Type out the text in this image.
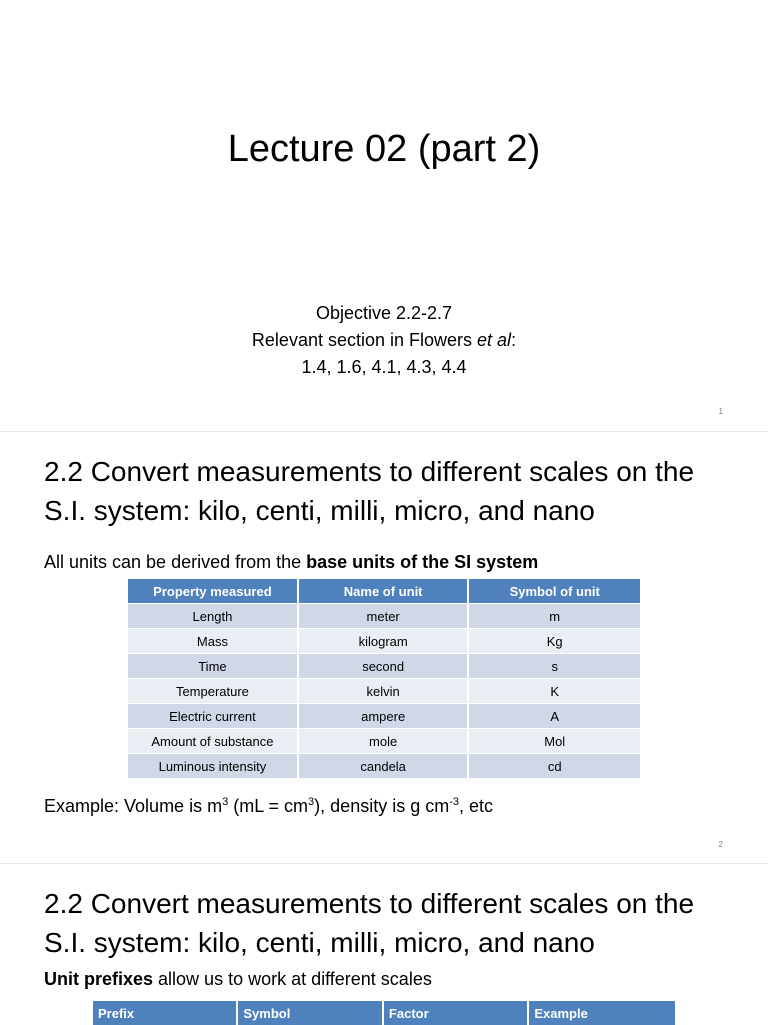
Lecture 02 (part 2)
Objective 2.2-2.7
Relevant section in Flowers et al:
1.4, 1.6, 4.1, 4.3, 4.4
1
2.2 Convert measurements to different scales on the S.I. system: kilo, centi, milli, micro, and nano
All units can be derived from the base units of the SI system
Property measured	Name of unit	Symbol of unit
Length	meter	m
Mass	kilogram	Kg
Time	second	s
Temperature	kelvin	K
Electric current	ampere	A
Amount of substance	mole	Mol
Luminous intensity	candela	cd
Example: Volume is $m^3$ $(mL = cm^3)$, density is g $cm^{-3}$, etc
2
2.2 Convert measurements to different scales on the S.I. system: kilo, centi, milli, micro, and nano
Unit prefixes allow us to work at different scales
Prefix	Symbol	Factor	Example
